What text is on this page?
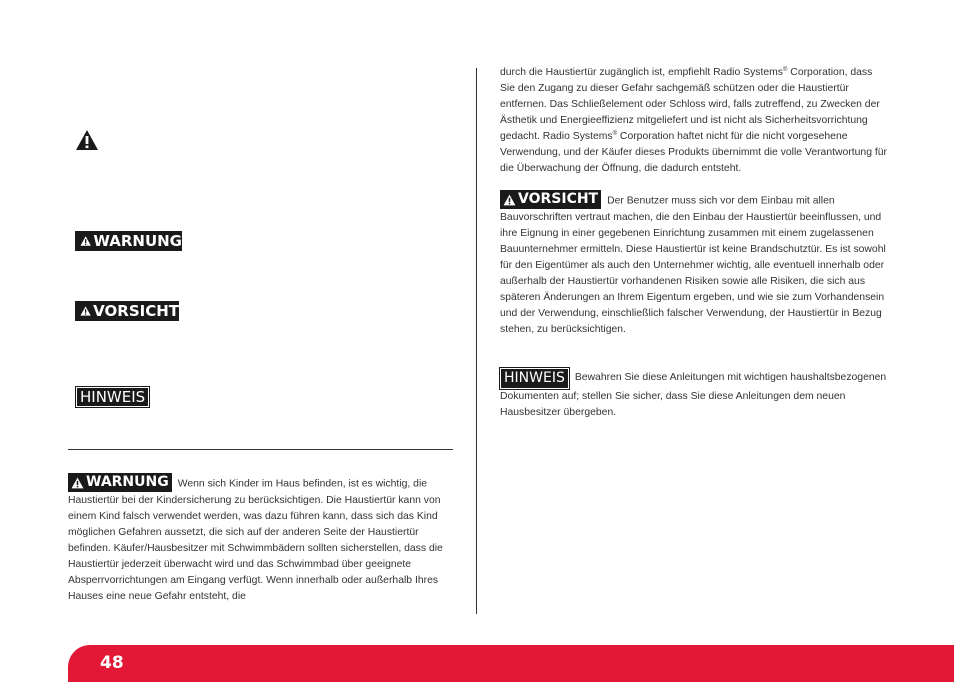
WARNUNG
VORSICHT
HINWEIS
WARNUNG Wenn sich Kinder im Haus befinden, ist es wichtig, die Haustiertür bei der Kindersicherung zu berücksichtigen. Die Haustiertür kann von einem Kind falsch verwendet werden, was dazu führen kann, dass sich das Kind möglichen Gefahren aussetzt, die sich auf der anderen Seite der Haustiertür befinden. Käufer/Hausbesitzer mit Schwimmbädern sollten sicherstellen, dass die Haustiertür jederzeit überwacht wird und das Schwimmbad über geeignete Absperrvorrichtungen am Eingang verfügt. Wenn innerhalb oder außerhalb Ihres Hauses eine neue Gefahr entsteht, die
durch die Haustiertür zugänglich ist, empfiehlt Radio Systems® Corporation, dass Sie den Zugang zu dieser Gefahr sachgemäß schützen oder die Haustiertür entfernen. Das Schließelement oder Schloss wird, falls zutreffend, zu Zwecken der Ästhetik und Energieeffizienz mitgeliefert und ist nicht als Sicherheitsvorrichtung gedacht. Radio Systems® Corporation haftet nicht für die nicht vorgesehene Verwendung, und der Käufer dieses Produkts übernimmt die volle Verantwortung für die Überwachung der Öffnung, die dadurch entsteht.
VORSICHT Der Benutzer muss sich vor dem Einbau mit allen Bauvorschriften vertraut machen, die den Einbau der Haustiertür beeinflussen, und ihre Eignung in einer gegebenen Einrichtung zusammen mit einem zugelassenen Bauunternehmer ermitteln. Diese Haustiertür ist keine Brandschutztür. Es ist sowohl für den Eigentümer als auch den Unternehmer wichtig, alle eventuell innerhalb oder außerhalb der Haustiertür vorhandenen Risiken sowie alle Risiken, die sich aus späteren Änderungen an Ihrem Eigentum ergeben, und wie sie zum Vorhandensein und der Verwendung, einschließlich falscher Verwendung, der Haustiertür in Bezug stehen, zu berücksichtigen.
HINWEIS Bewahren Sie diese Anleitungen mit wichtigen haushaltsbezogenen Dokumenten auf; stellen Sie sicher, dass Sie diese Anleitungen dem neuen Hausbesitzer übergeben.
48
